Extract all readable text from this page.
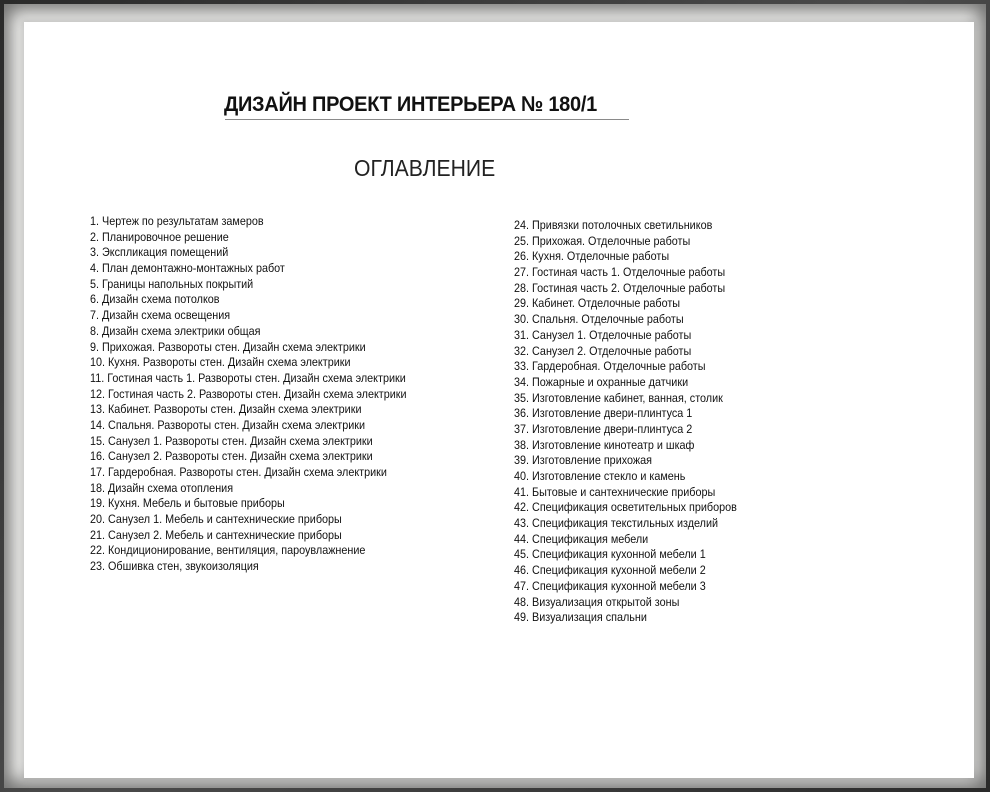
ДИЗАЙН ПРОЕКТ ИНТЕРЬЕРА № 180/1
ОГЛАВЛЕНИЕ
1. Чертеж по результатам замеров
2. Планировочное решение
3. Экспликация помещений
4. План демонтажно-монтажных работ
5. Границы напольных покрытий
6. Дизайн схема потолков
7. Дизайн схема освещения
8. Дизайн схема электрики общая
9. Прихожая. Развороты стен. Дизайн схема электрики
10. Кухня. Развороты стен. Дизайн схема электрики
11. Гостиная часть 1. Развороты стен. Дизайн схема электрики
12. Гостиная часть 2. Развороты стен. Дизайн схема электрики
13. Кабинет. Развороты стен. Дизайн схема электрики
14. Спальня. Развороты стен. Дизайн схема электрики
15. Санузел 1. Развороты стен. Дизайн схема электрики
16. Санузел 2. Развороты стен. Дизайн схема электрики
17. Гардеробная. Развороты стен. Дизайн схема электрики
18. Дизайн схема отопления
19. Кухня. Мебель и бытовые приборы
20. Санузел 1. Мебель и сантехнические приборы
21. Санузел 2. Мебель и сантехнические приборы
22. Кондиционирование, вентиляция, пароувлажнение
23. Обшивка стен, звукоизоляция
24. Привязки потолочных светильников
25. Прихожая. Отделочные работы
26. Кухня. Отделочные работы
27. Гостиная часть 1. Отделочные работы
28. Гостиная часть 2. Отделочные работы
29. Кабинет. Отделочные работы
30. Спальня. Отделочные работы
31. Санузел 1. Отделочные работы
32. Санузел 2. Отделочные работы
33. Гардеробная. Отделочные работы
34. Пожарные и охранные датчики
35. Изготовление кабинет, ванная, столик
36. Изготовление двери-плинтуса 1
37. Изготовление двери-плинтуса 2
38. Изготовление кинотеатр и шкаф
39. Изготовление прихожая
40. Изготовление стекло и камень
41. Бытовые и сантехнические приборы
42. Спецификация осветительных приборов
43. Спецификация текстильных изделий
44. Спецификация мебели
45. Спецификация кухонной мебели 1
46. Спецификация кухонной мебели 2
47. Спецификация кухонной мебели 3
48. Визуализация открытой зоны
49. Визуализация спальни
